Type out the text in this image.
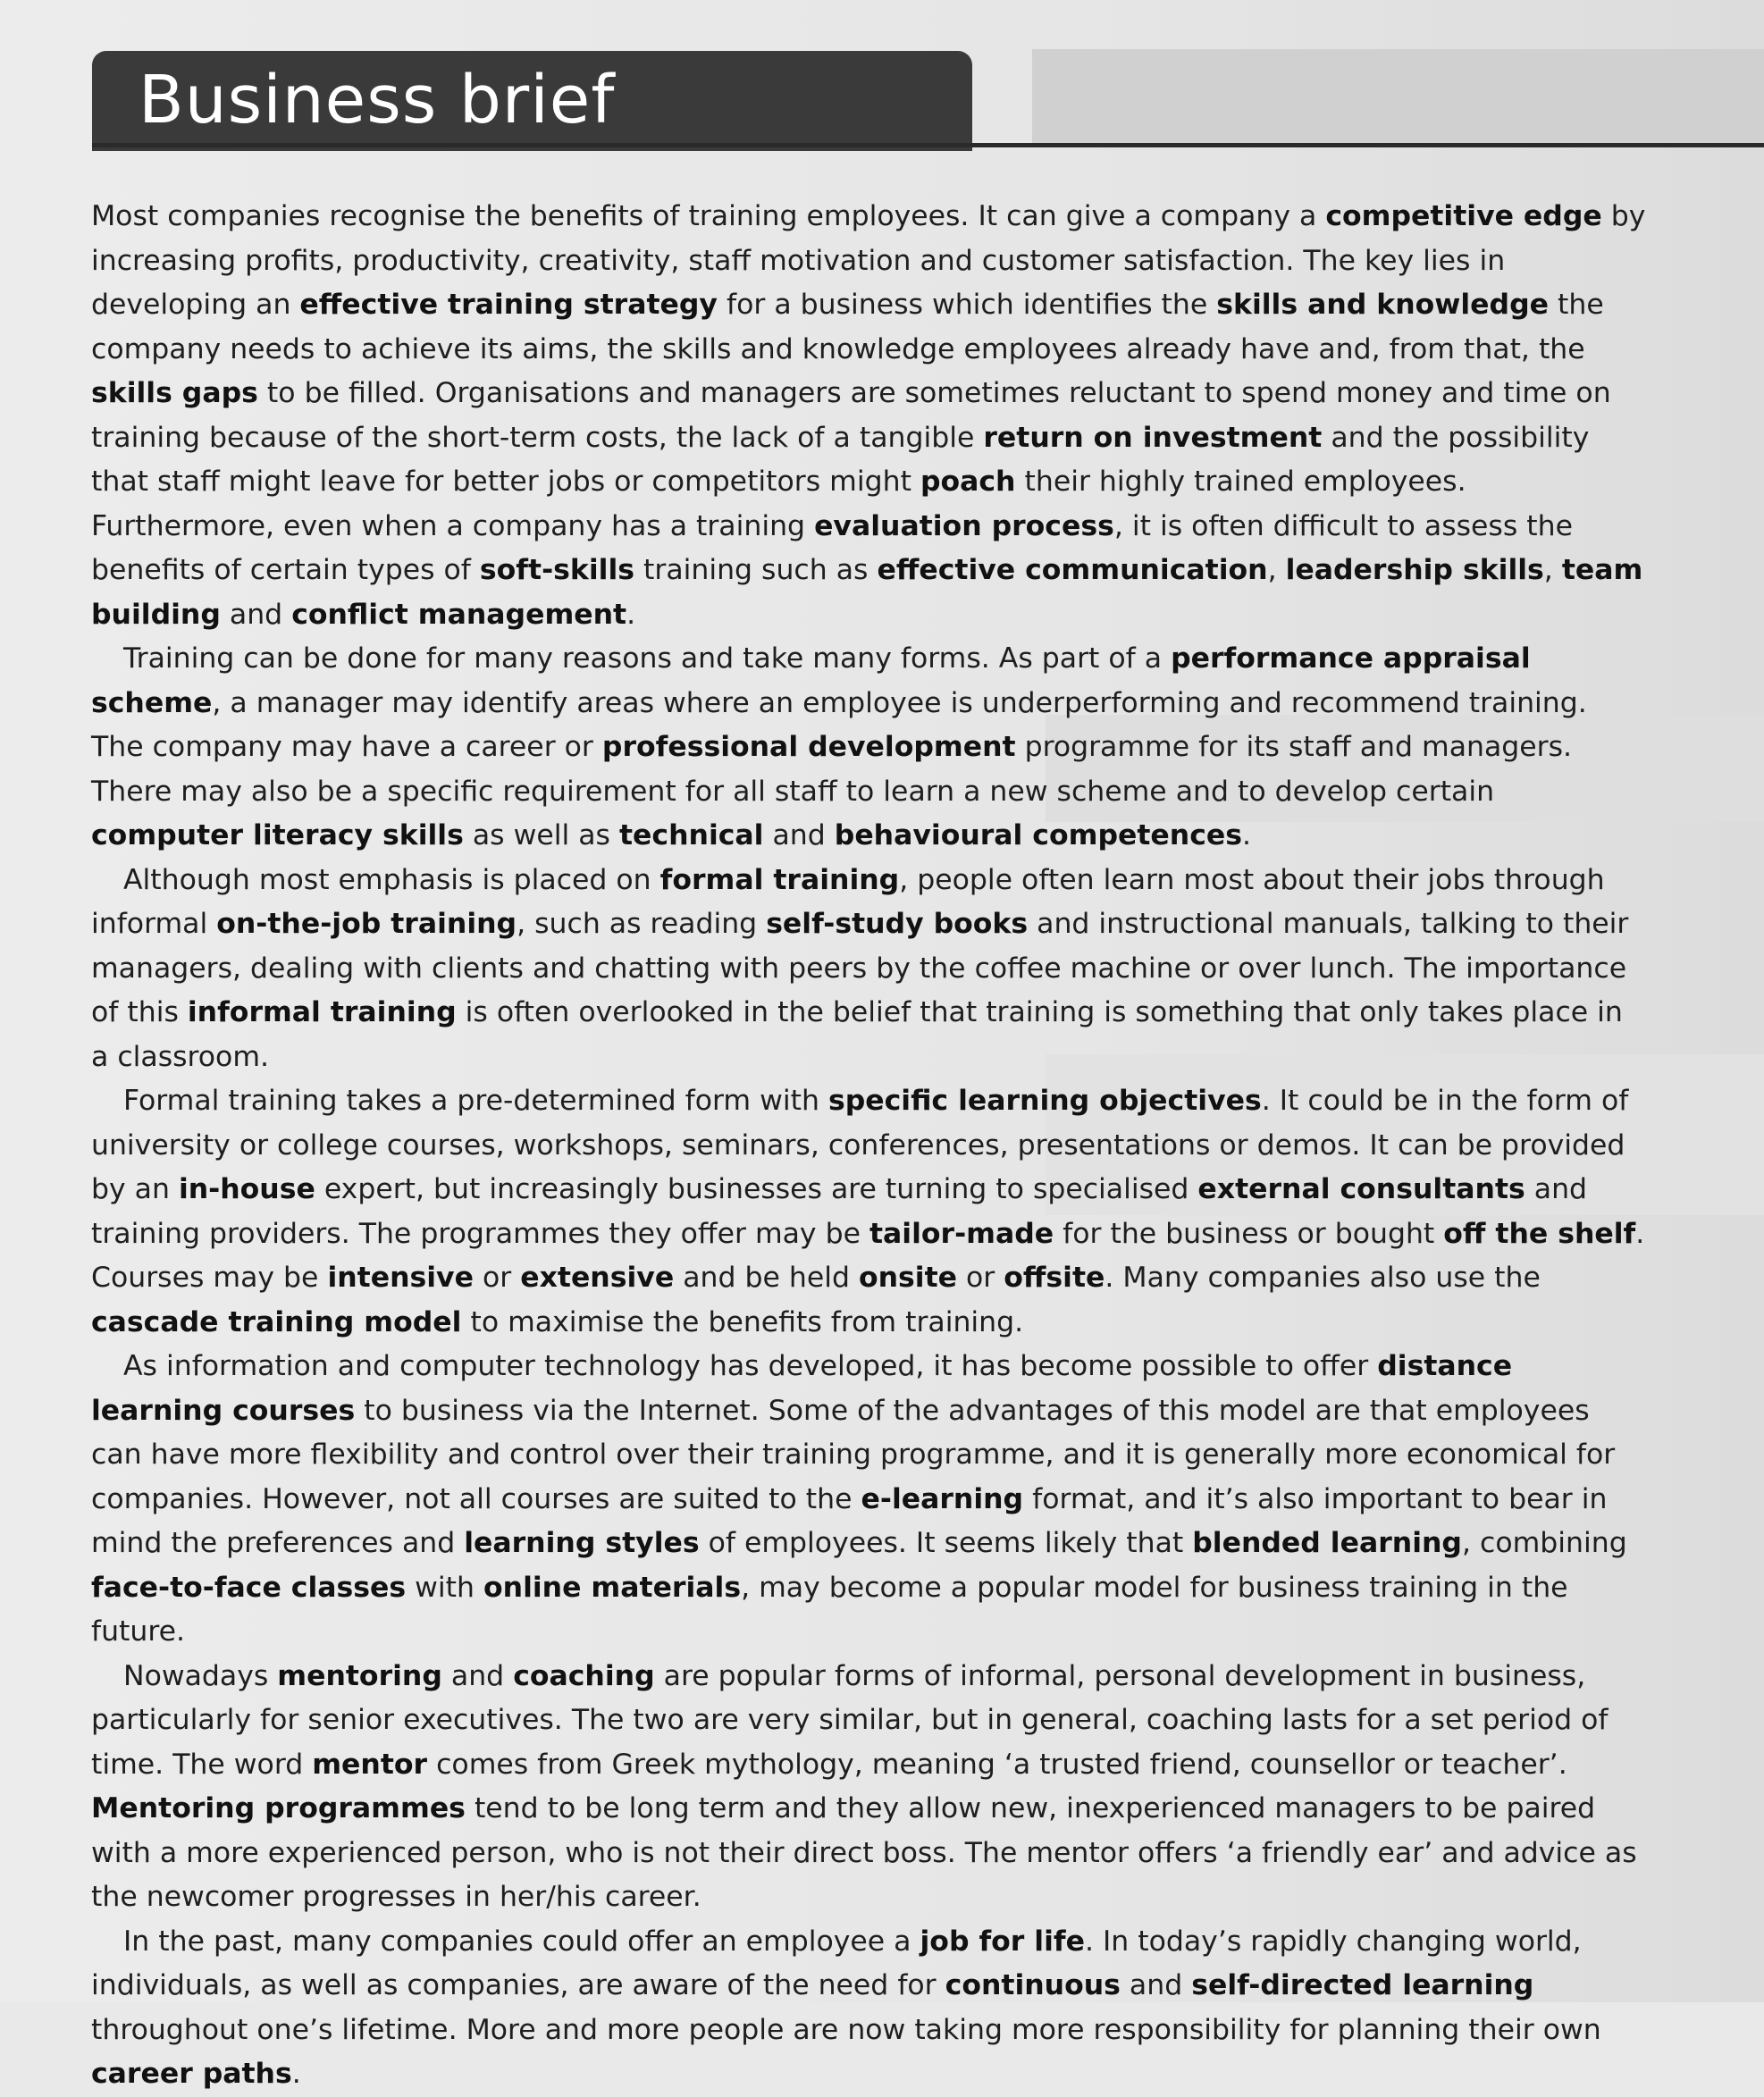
Business brief

Most companies recognise the benefits of training employees. It can give a company a competitive edge by increasing profits, productivity, creativity, staff motivation and customer satisfaction. The key lies in developing an effective training strategy for a business which identifies the skills and knowledge the company needs to achieve its aims, the skills and knowledge employees already have and, from that, the skills gaps to be filled. Organisations and managers are sometimes reluctant to spend money and time on training because of the short-term costs, the lack of a tangible return on investment and the possibility that staff might leave for better jobs or competitors might poach their highly trained employees. Furthermore, even when a company has a training evaluation process, it is often difficult to assess the benefits of certain types of soft-skills training such as effective communication, leadership skills, team building and conflict management.

Training can be done for many reasons and take many forms. As part of a performance appraisal scheme, a manager may identify areas where an employee is underperforming and recommend training. The company may have a career or professional development programme for its staff and managers. There may also be a specific requirement for all staff to learn a new scheme and to develop certain computer literacy skills as well as technical and behavioural competences.

Although most emphasis is placed on formal training, people often learn most about their jobs through informal on-the-job training, such as reading self-study books and instructional manuals, talking to their managers, dealing with clients and chatting with peers by the coffee machine or over lunch. The importance of this informal training is often overlooked in the belief that training is something that only takes place in a classroom.

Formal training takes a pre-determined form with specific learning objectives. It could be in the form of university or college courses, workshops, seminars, conferences, presentations or demos. It can be provided by an in-house expert, but increasingly businesses are turning to specialised external consultants and training providers. The programmes they offer may be tailor-made for the business or bought off the shelf. Courses may be intensive or extensive and be held onsite or offsite. Many companies also use the cascade training model to maximise the benefits from training.

As information and computer technology has developed, it has become possible to offer distance learning courses to business via the Internet. Some of the advantages of this model are that employees can have more flexibility and control over their training programme, and it is generally more economical for companies. However, not all courses are suited to the e-learning format, and it’s also important to bear in mind the preferences and learning styles of employees. It seems likely that blended learning, combining face-to-face classes with online materials, may become a popular model for business training in the future.

Nowadays mentoring and coaching are popular forms of informal, personal development in business, particularly for senior executives. The two are very similar, but in general, coaching lasts for a set period of time. The word mentor comes from Greek mythology, meaning ‘a trusted friend, counsellor or teacher’. Mentoring programmes tend to be long term and they allow new, inexperienced managers to be paired with a more experienced person, who is not their direct boss. The mentor offers ‘a friendly ear’ and advice as the newcomer progresses in her/his career.

In the past, many companies could offer an employee a job for life. In today’s rapidly changing world, individuals, as well as companies, are aware of the need for continuous and self-directed learning throughout one’s lifetime. More and more people are now taking more responsibility for planning their own career paths.
